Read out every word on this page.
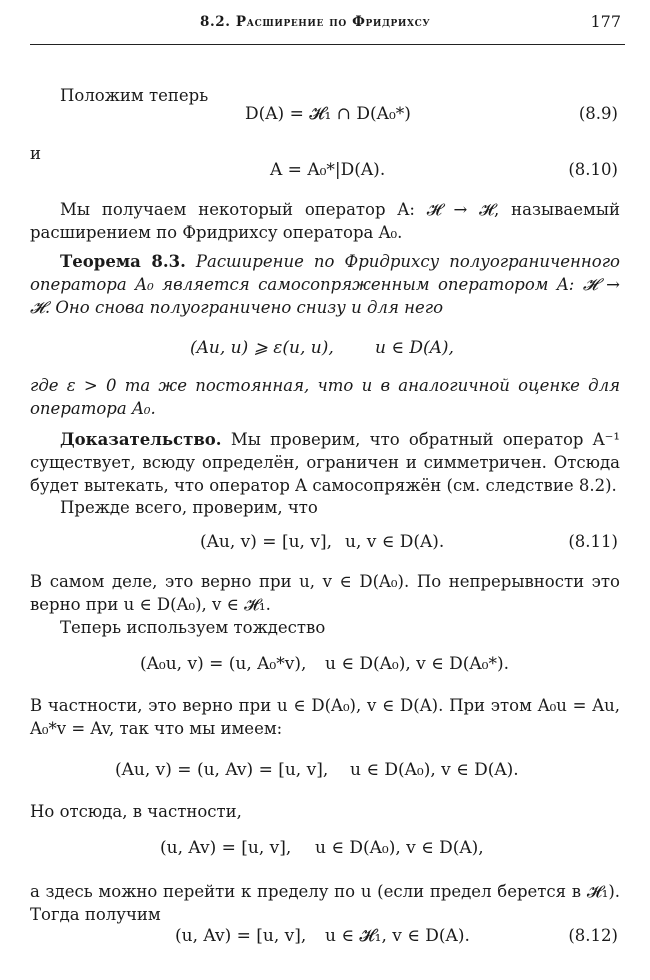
8.2. Расширение по Фридрихсу	177

Положим теперь

D(A) = 𝓗₁ ∩ D(A₀*)	(8.9)

и

A = A₀*|D(A).	(8.10)

Мы получаем некоторый оператор A: 𝓗 → 𝓗, называемый расширением по Фридрихсу оператора A₀.

Теорема 8.3. Расширение по Фридрихсу полуограниченного оператора A₀ является самосопряженным оператором A: 𝓗 → 𝓗. Оно снова полуограничено снизу и для него

(Au, u) ⩾ ε(u, u), u ∈ D(A),

где ε > 0 та же постоянная, что и в аналогичной оценке для оператора A₀.

Доказательство. Мы проверим, что обратный оператор A⁻¹ существует, всюду определён, ограничен и симметричен. Отсюда будет вытекать, что оператор A самосопряжён (см. следствие 8.2).

Прежде всего, проверим, что

(Au, v) = [u, v], u, v ∈ D(A).	(8.11)

В самом деле, это верно при u, v ∈ D(A₀). По непрерывности это верно при u ∈ D(A₀), v ∈ 𝓗₁.

Теперь используем тождество

(A₀u, v) = (u, A₀*v), u ∈ D(A₀), v ∈ D(A₀*).

В частности, это верно при u ∈ D(A₀), v ∈ D(A). При этом A₀u = Au, A₀*v = Av, так что мы имеем:

(Au, v) = (u, Av) = [u, v], u ∈ D(A₀), v ∈ D(A).

Но отсюда, в частности,

(u, Av) = [u, v], u ∈ D(A₀), v ∈ D(A),

а здесь можно перейти к пределу по u (если предел берется в 𝓗₁). Тогда получим

(u, Av) = [u, v], u ∈ 𝓗₁, v ∈ D(A).	(8.12)
